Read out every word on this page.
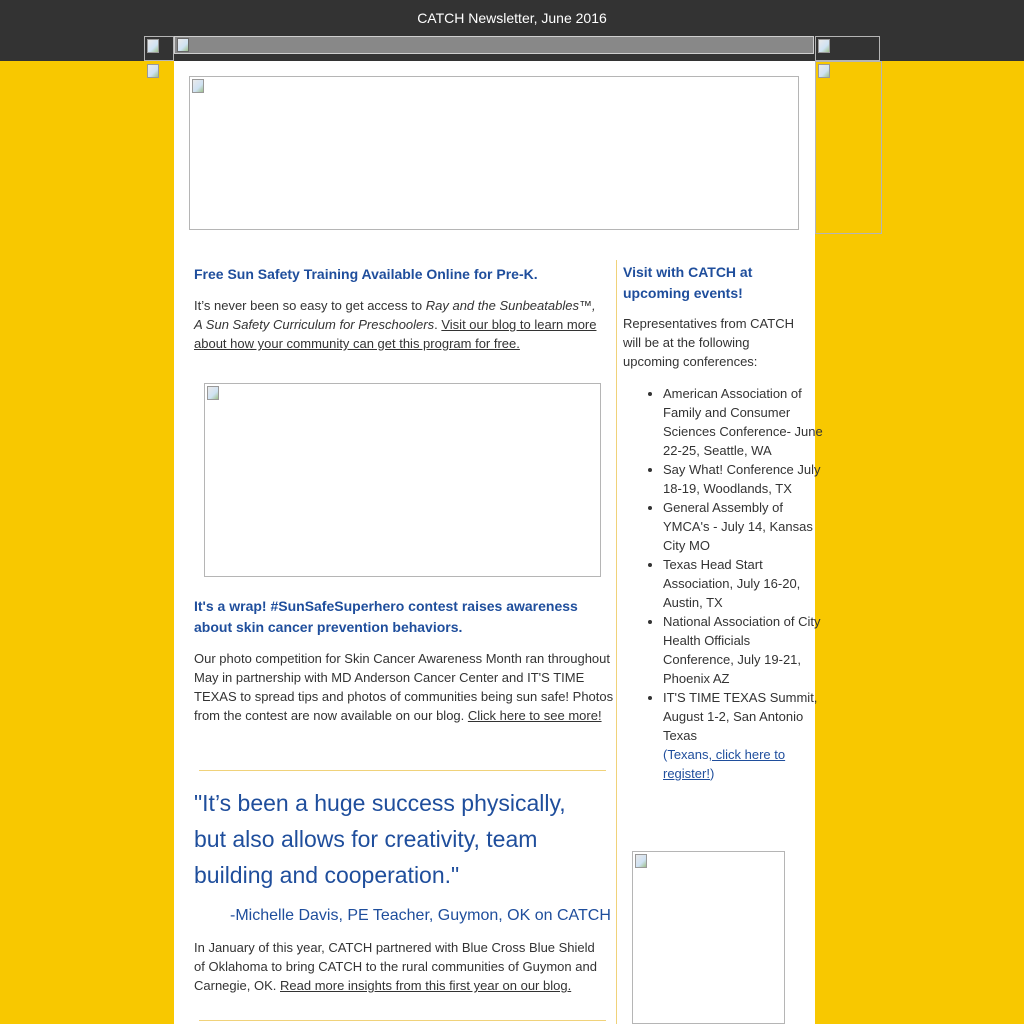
CATCH Newsletter, June 2016
Free Sun Safety Training Available Online for Pre-K.
It’s never been so easy to get access to Ray and the Sunbeatables™, A Sun Safety Curriculum for Preschoolers. Visit our blog to learn more about how your community can get this program for free.
It's a wrap! #SunSafeSuperhero contest raises awareness about skin cancer prevention behaviors.
Our photo competition for Skin Cancer Awareness Month ran throughout May in partnership with MD Anderson Cancer Center and IT'S TIME TEXAS to spread tips and photos of communities being sun safe! Photos from the contest are now available on our blog. Click here to see more!
"It’s been a huge success physically, but also allows for creativity, team building and cooperation."
-Michelle Davis, PE Teacher, Guymon, OK on CATCH
In January of this year, CATCH partnered with Blue Cross Blue Shield of Oklahoma to bring CATCH to the rural communities of Guymon and Carnegie, OK. Read more insights from this first year on our blog.
Visit with CATCH at upcoming events!
Representatives from CATCH will be at the following upcoming conferences:
• American Association of Family and Consumer Sciences Conference- June 22-25, Seattle, WA
• Say What! Conference July 18-19, Woodlands, TX
• General Assembly of YMCA's - July 14, Kansas City MO
• Texas Head Start Association, July 16-20, Austin, TX
• National Association of City Health Officials Conference, July 19-21, Phoenix AZ
• IT'S TIME TEXAS Summit, August 1-2, San Antonio Texas
(Texans, click here to register!)
